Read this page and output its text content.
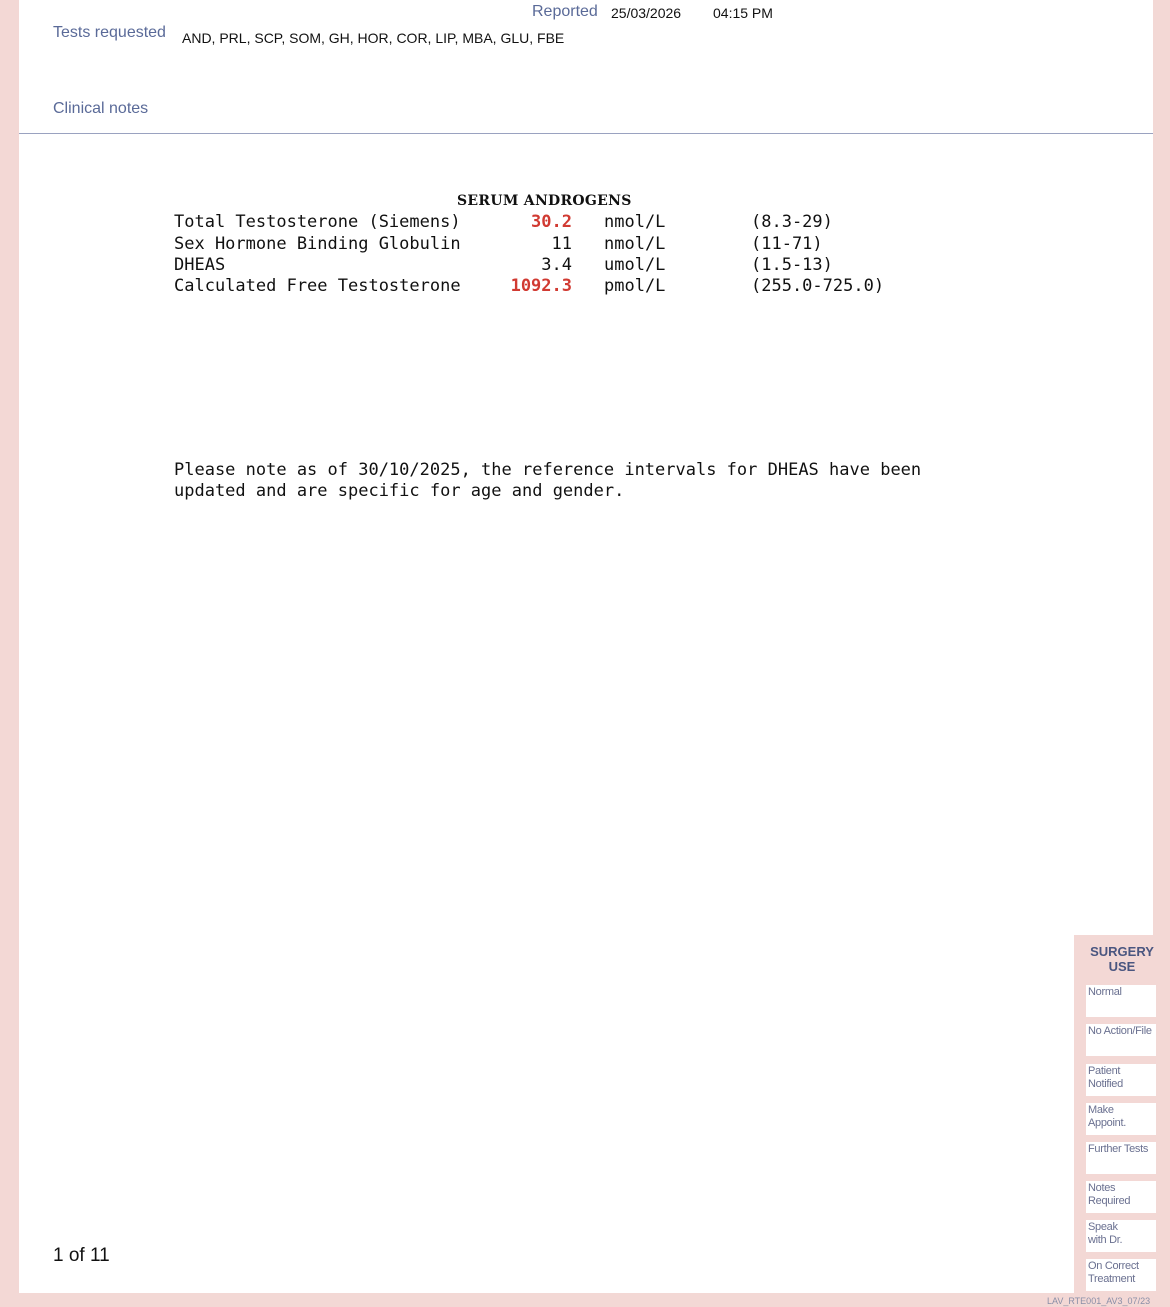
Reported 25/03/2026 04:15 PM
Tests requested AND, PRL, SCP, SOM, GH, HOR, COR, LIP, MBA, GLU, FBE
Clinical notes
SERUM ANDROGENS
Total Testosterone (Siemens)	30.2 nmol/L	(8.3-29)
Sex Hormone Binding Globulin	11 nmol/L	(11-71)
DHEAS	3.4 umol/L	(1.5-13)
Calculated Free Testosterone	1092.3 pmol/L	(255.0-725.0)
Please note as of 30/10/2025, the reference intervals for DHEAS have been
updated and are specific for age and gender.
1 of 11
SURGERY
USE
Normal
No Action/File
Patient
Notified
Make
Appoint.
Further Tests
Notes
Required
Speak
with Dr.
On Correct
Treatment
LAV_RTE001_AV3_07/23
